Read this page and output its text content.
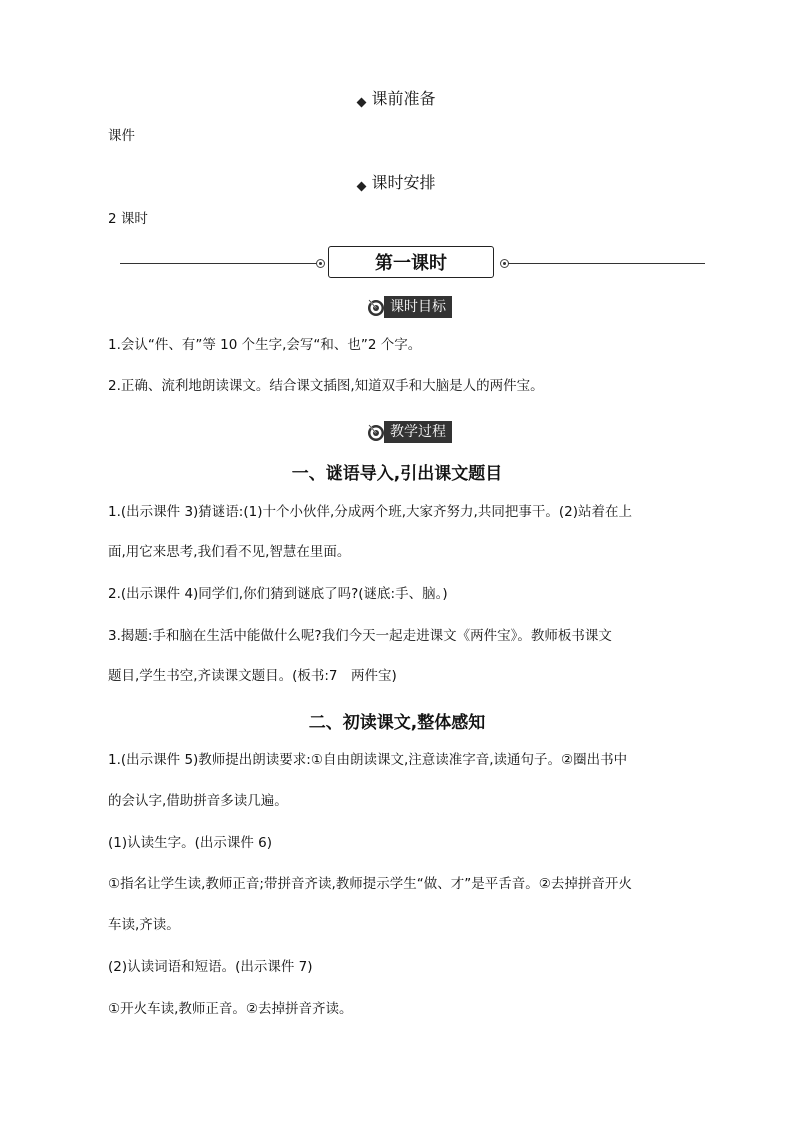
课前准备
课件
课时安排
2 课时
第一课时
课时目标
1.会认“件、有”等 10 个生字,会写“和、也”2 个字。
2.正确、流利地朗读课文。结合课文插图,知道双手和大脑是人的两件宝。
教学过程
一、谜语导入,引出课文题目
1.(出示课件 3)猜谜语:(1)十个小伙伴,分成两个班,大家齐努力,共同把事干。(2)站着在上
面,用它来思考,我们看不见,智慧在里面。
2.(出示课件 4)同学们,你们猜到谜底了吗?(谜底:手、脑。)
3.揭题:手和脑在生活中能做什么呢?我们今天一起走进课文《两件宝》。教师板书课文
题目,学生书空,齐读课文题目。(板书:7　两件宝)
二、初读课文,整体感知
1.(出示课件 5)教师提出朗读要求:①自由朗读课文,注意读准字音,读通句子。②圈出书中
的会认字,借助拼音多读几遍。
(1)认读生字。(出示课件 6)
①指名让学生读,教师正音;带拼音齐读,教师提示学生“做、才”是平舌音。②去掉拼音开火
车读,齐读。
(2)认读词语和短语。(出示课件 7)
①开火车读,教师正音。②去掉拼音齐读。
